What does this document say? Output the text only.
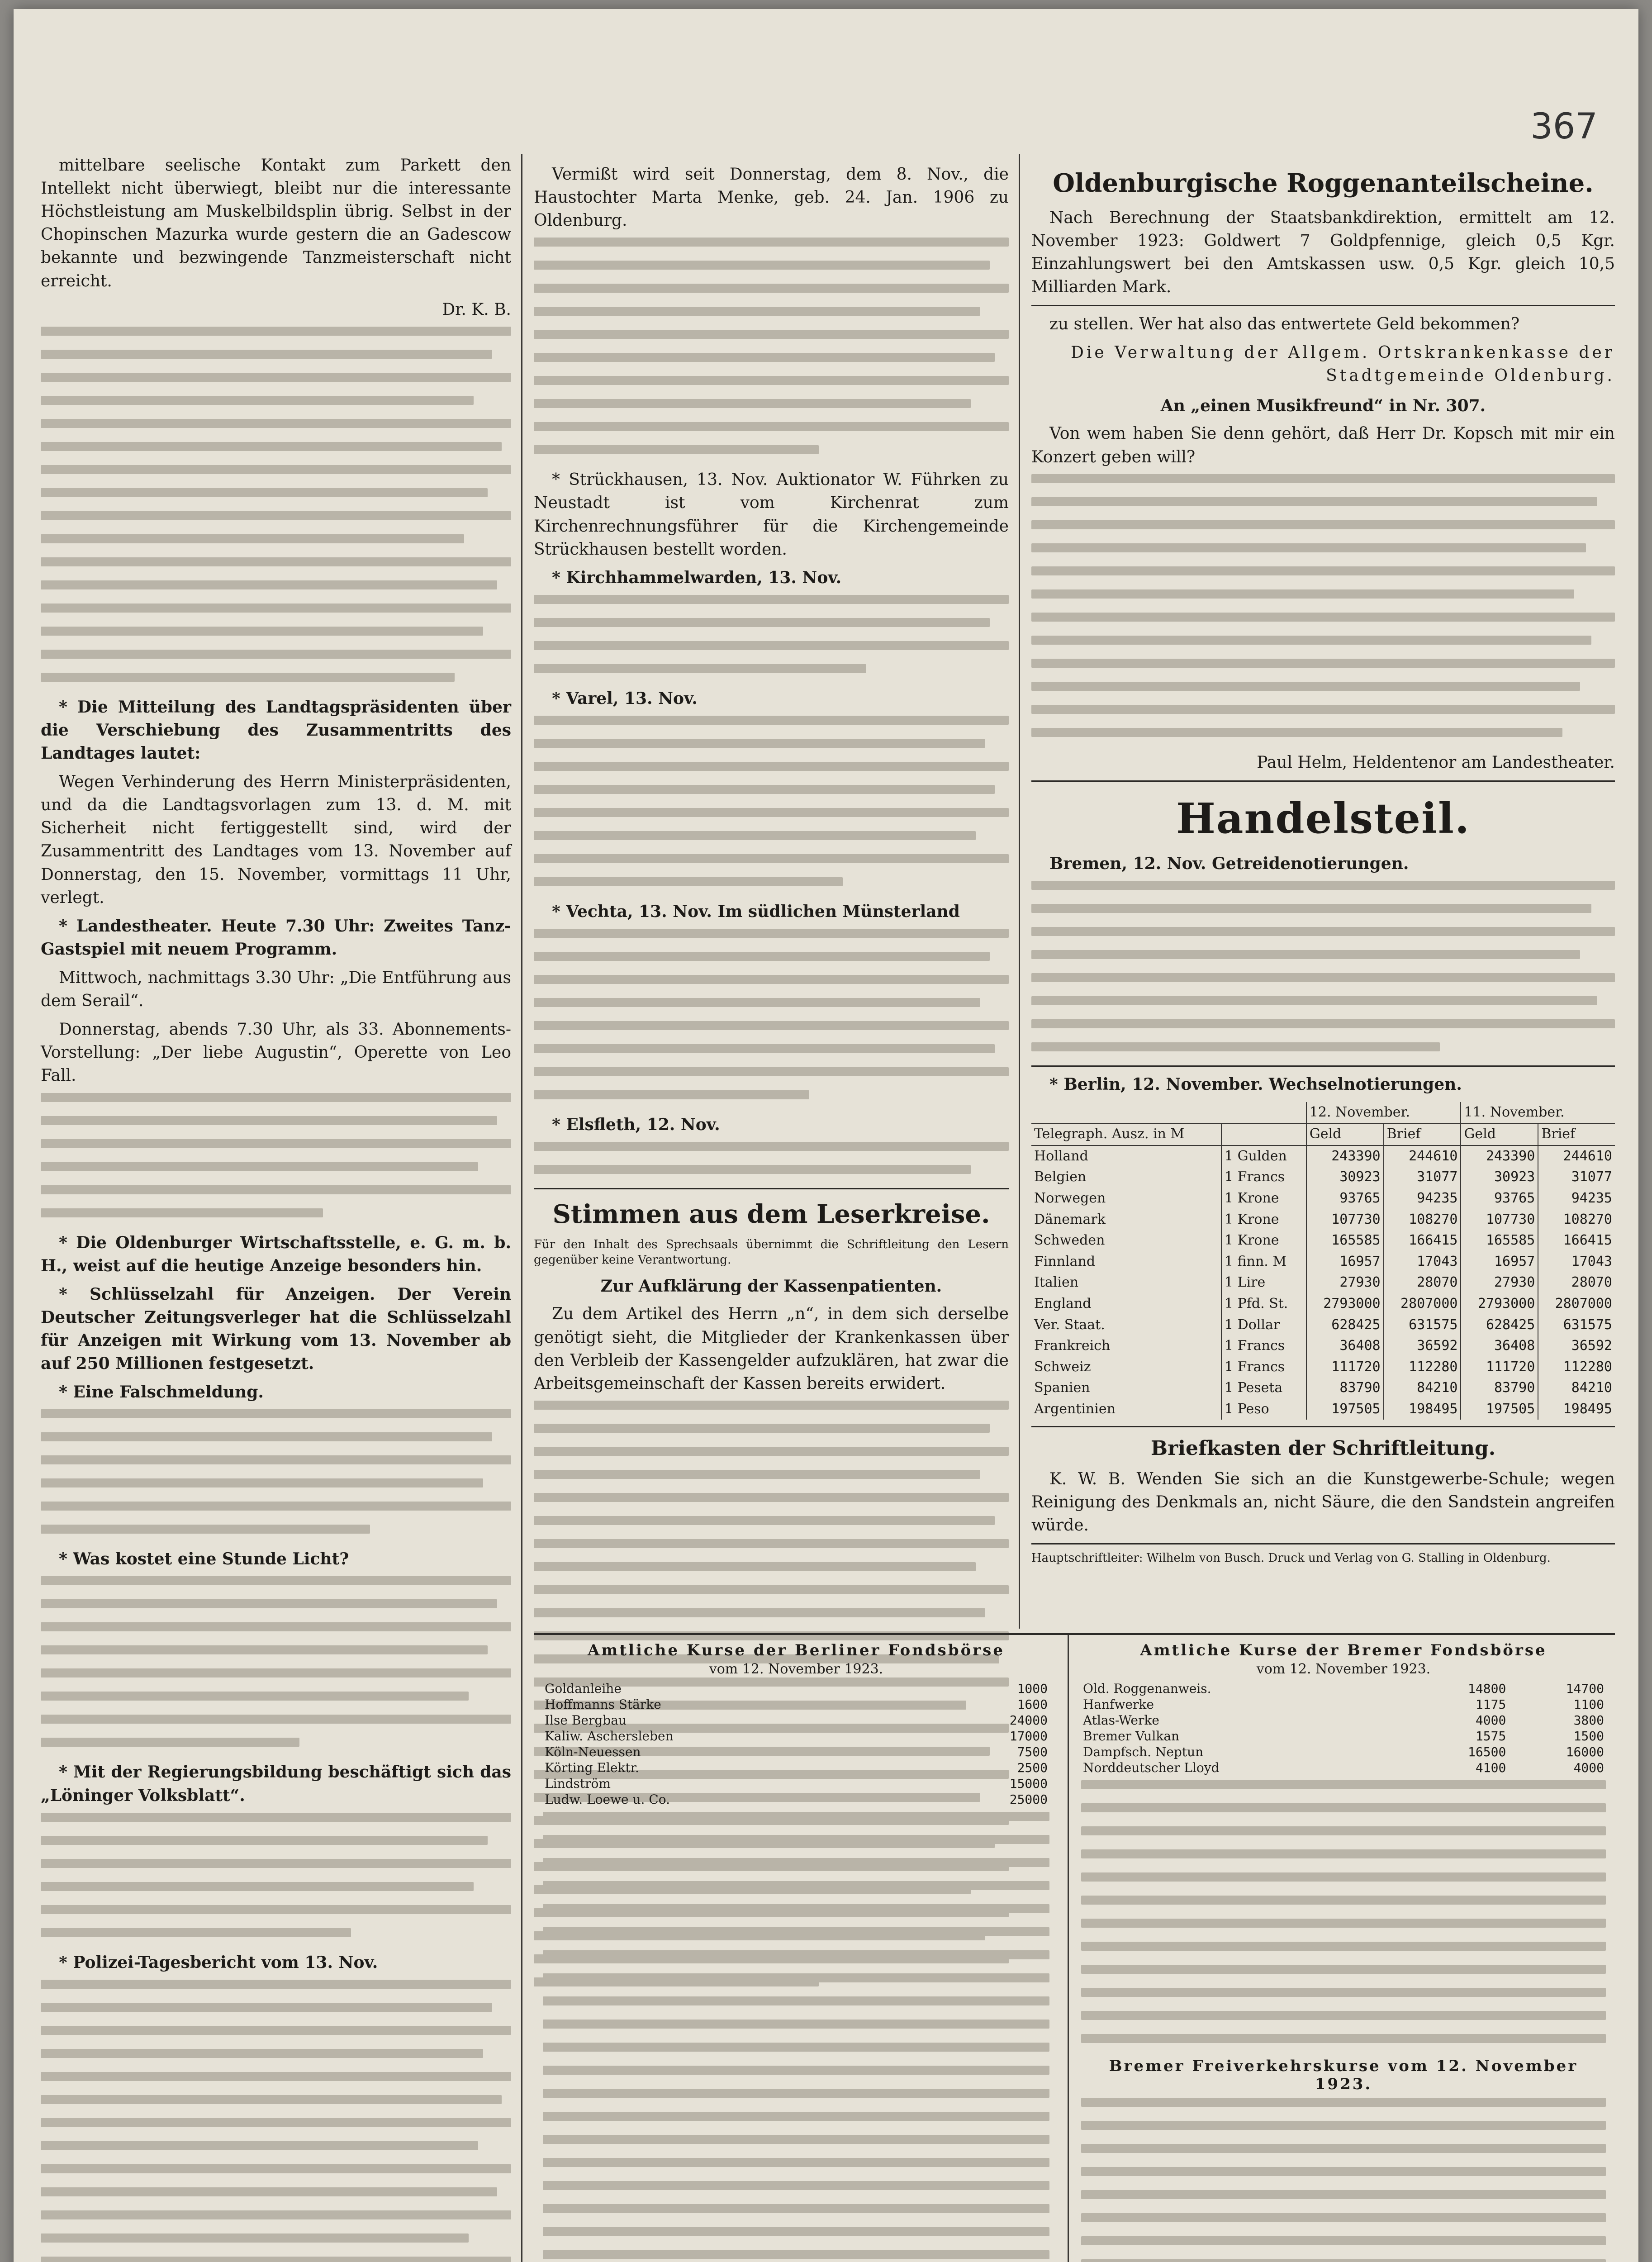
367

mittelbare seelische Kontakt zum Parkett den Intellekt nicht überwiegt, bleibt nur die interessante Höchstleistung am Muskelbildsplin übrig. Selbst in der Chopinschen Mazurka wurde gestern die an Gadescow bekannte und bezwingende Tanzmeisterschaft nicht erreicht.

Dr. K. B.

* Die Mitteilung des Landtagspräsidenten über die Verschiebung des Zusammentritts des Landtages lautet:

Wegen Verhinderung des Herrn Ministerpräsidenten, und da die Landtagsvorlagen zum 13. d. M. mit Sicherheit nicht fertiggestellt sind, wird der Zusammentritt des Landtages vom 13. November auf Donnerstag, den 15. November, vormittags 11 Uhr, verlegt.

* Landestheater. Heute 7.30 Uhr: Zweites Tanz-Gastspiel mit neuem Programm.

Mittwoch, nachmittags 3.30 Uhr: „Die Entführung aus dem Serail“.

Donnerstag, abends 7.30 Uhr, als 33. Abonnements-Vorstellung: „Der liebe Augustin“, Operette von Leo Fall.

* Die Oldenburger Wirtschaftsstelle, e. G. m. b. H., weist auf die heutige Anzeige besonders hin.

* Schlüsselzahl für Anzeigen. Der Verein Deutscher Zeitungsverleger hat die Schlüsselzahl für Anzeigen mit Wirkung vom 13. November ab auf 250 Millionen festgesetzt.

* Eine Falschmeldung.

* Was kostet eine Stunde Licht?

* Mit der Regierungsbildung beschäftigt sich das „Löninger Volksblatt“.

* Polizei-Tagesbericht vom 13. Nov.

Vermißt wird seit Donnerstag, dem 8. Nov., die Haustochter Marta Menke, geb. 24. Jan. 1906 zu Oldenburg.

* Strückhausen, 13. Nov. Auktionator W. Führken zu Neustadt ist vom Kirchenrat zum Kirchenrechnungsführer für die Kirchengemeinde Strückhausen bestellt worden.

* Kirchhammelwarden, 13. Nov.

* Varel, 13. Nov.

* Vechta, 13. Nov. Im südlichen Münsterland

* Elsfleth, 12. Nov.

Stimmen aus dem Leserkreise.

Für den Inhalt des Sprechsaals übernimmt die Schriftleitung den Lesern gegenüber keine Verantwortung.

Zur Aufklärung der Kassenpatienten.

Zu dem Artikel des Herrn „n“, in dem sich derselbe genötigt sieht, die Mitglieder der Krankenkassen über den Verbleib der Kassengelder aufzuklären, hat zwar die Arbeitsgemeinschaft der Kassen bereits erwidert.

Oldenburgische Roggenanteilscheine.

Nach Berechnung der Staatsbankdirektion, ermittelt am 12. November 1923: Goldwert 7 Goldpfennige, gleich 0,5 Kgr. Einzahlungswert bei den Amtskassen usw. 0,5 Kgr. gleich 10,5 Milliarden Mark.

zu stellen. Wer hat also das entwertete Geld bekommen?

Die Verwaltung der Allgem. Ortskrankenkasse der Stadtgemeinde Oldenburg.

An „einen Musikfreund“ in Nr. 307.

Von wem haben Sie denn gehört, daß Herr Dr. Kopsch mit mir ein Konzert geben will?

Paul Helm, Heldentenor am Landestheater.

Handelsteil.

Bremen, 12. Nov. Getreidenotierungen.

* Berlin, 12. November. Wechselnotierungen.

		12. November.		11. November.	
Telegraph. Ausz. in M		Geld	Brief	Geld	Brief
Holland	1 Gulden	243390	244610	243390	244610
Belgien	1 Francs	30923	31077	30923	31077
Norwegen	1 Krone	93765	94235	93765	94235
Dänemark	1 Krone	107730	108270	107730	108270
Schweden	1 Krone	165585	166415	165585	166415
Finnland	1 finn. M	16957	17043	16957	17043
Italien	1 Lire	27930	28070	27930	28070
England	1 Pfd. St.	2793000	2807000	2793000	2807000
Ver. Staat.	1 Dollar	628425	631575	628425	631575
Frankreich	1 Francs	36408	36592	36408	36592
Schweiz	1 Francs	111720	112280	111720	112280
Spanien	1 Peseta	83790	84210	83790	84210
Argentinien	1 Peso	197505	198495	197505	198495
Briefkasten der Schriftleitung.

K. W. B. Wenden Sie sich an die Kunstgewerbe-Schule; wegen Reinigung des Denkmals an, nicht Säure, die den Sandstein angreifen würde.

Hauptschriftleiter: Wilhelm von Busch. Druck und Verlag von G. Stalling in Oldenburg.

Amtliche Kurse der Berliner Fondsbörse
vom 12. November 1923.
Goldanleihe	1000
Hoffmanns Stärke	1600
Ilse Bergbau	24000
Kaliw. Aschersleben	17000
Köln-Neuessen	7500
Körting Elektr.	2500
Lindström	15000
Ludw. Loewe u. Co.	25000
Amtliche Kurse der Bremer Fondsbörse
vom 12. November 1923.
Old. Roggenanweis.	14800	14700
Hanfwerke	1175	1100
Atlas-Werke	4000	3800
Bremer Vulkan	1575	1500
Dampfsch. Neptun	16500	16000
Norddeutscher Lloyd	4100	4000
Bremer Freiverkehrskurse vom 12. November 1923.
